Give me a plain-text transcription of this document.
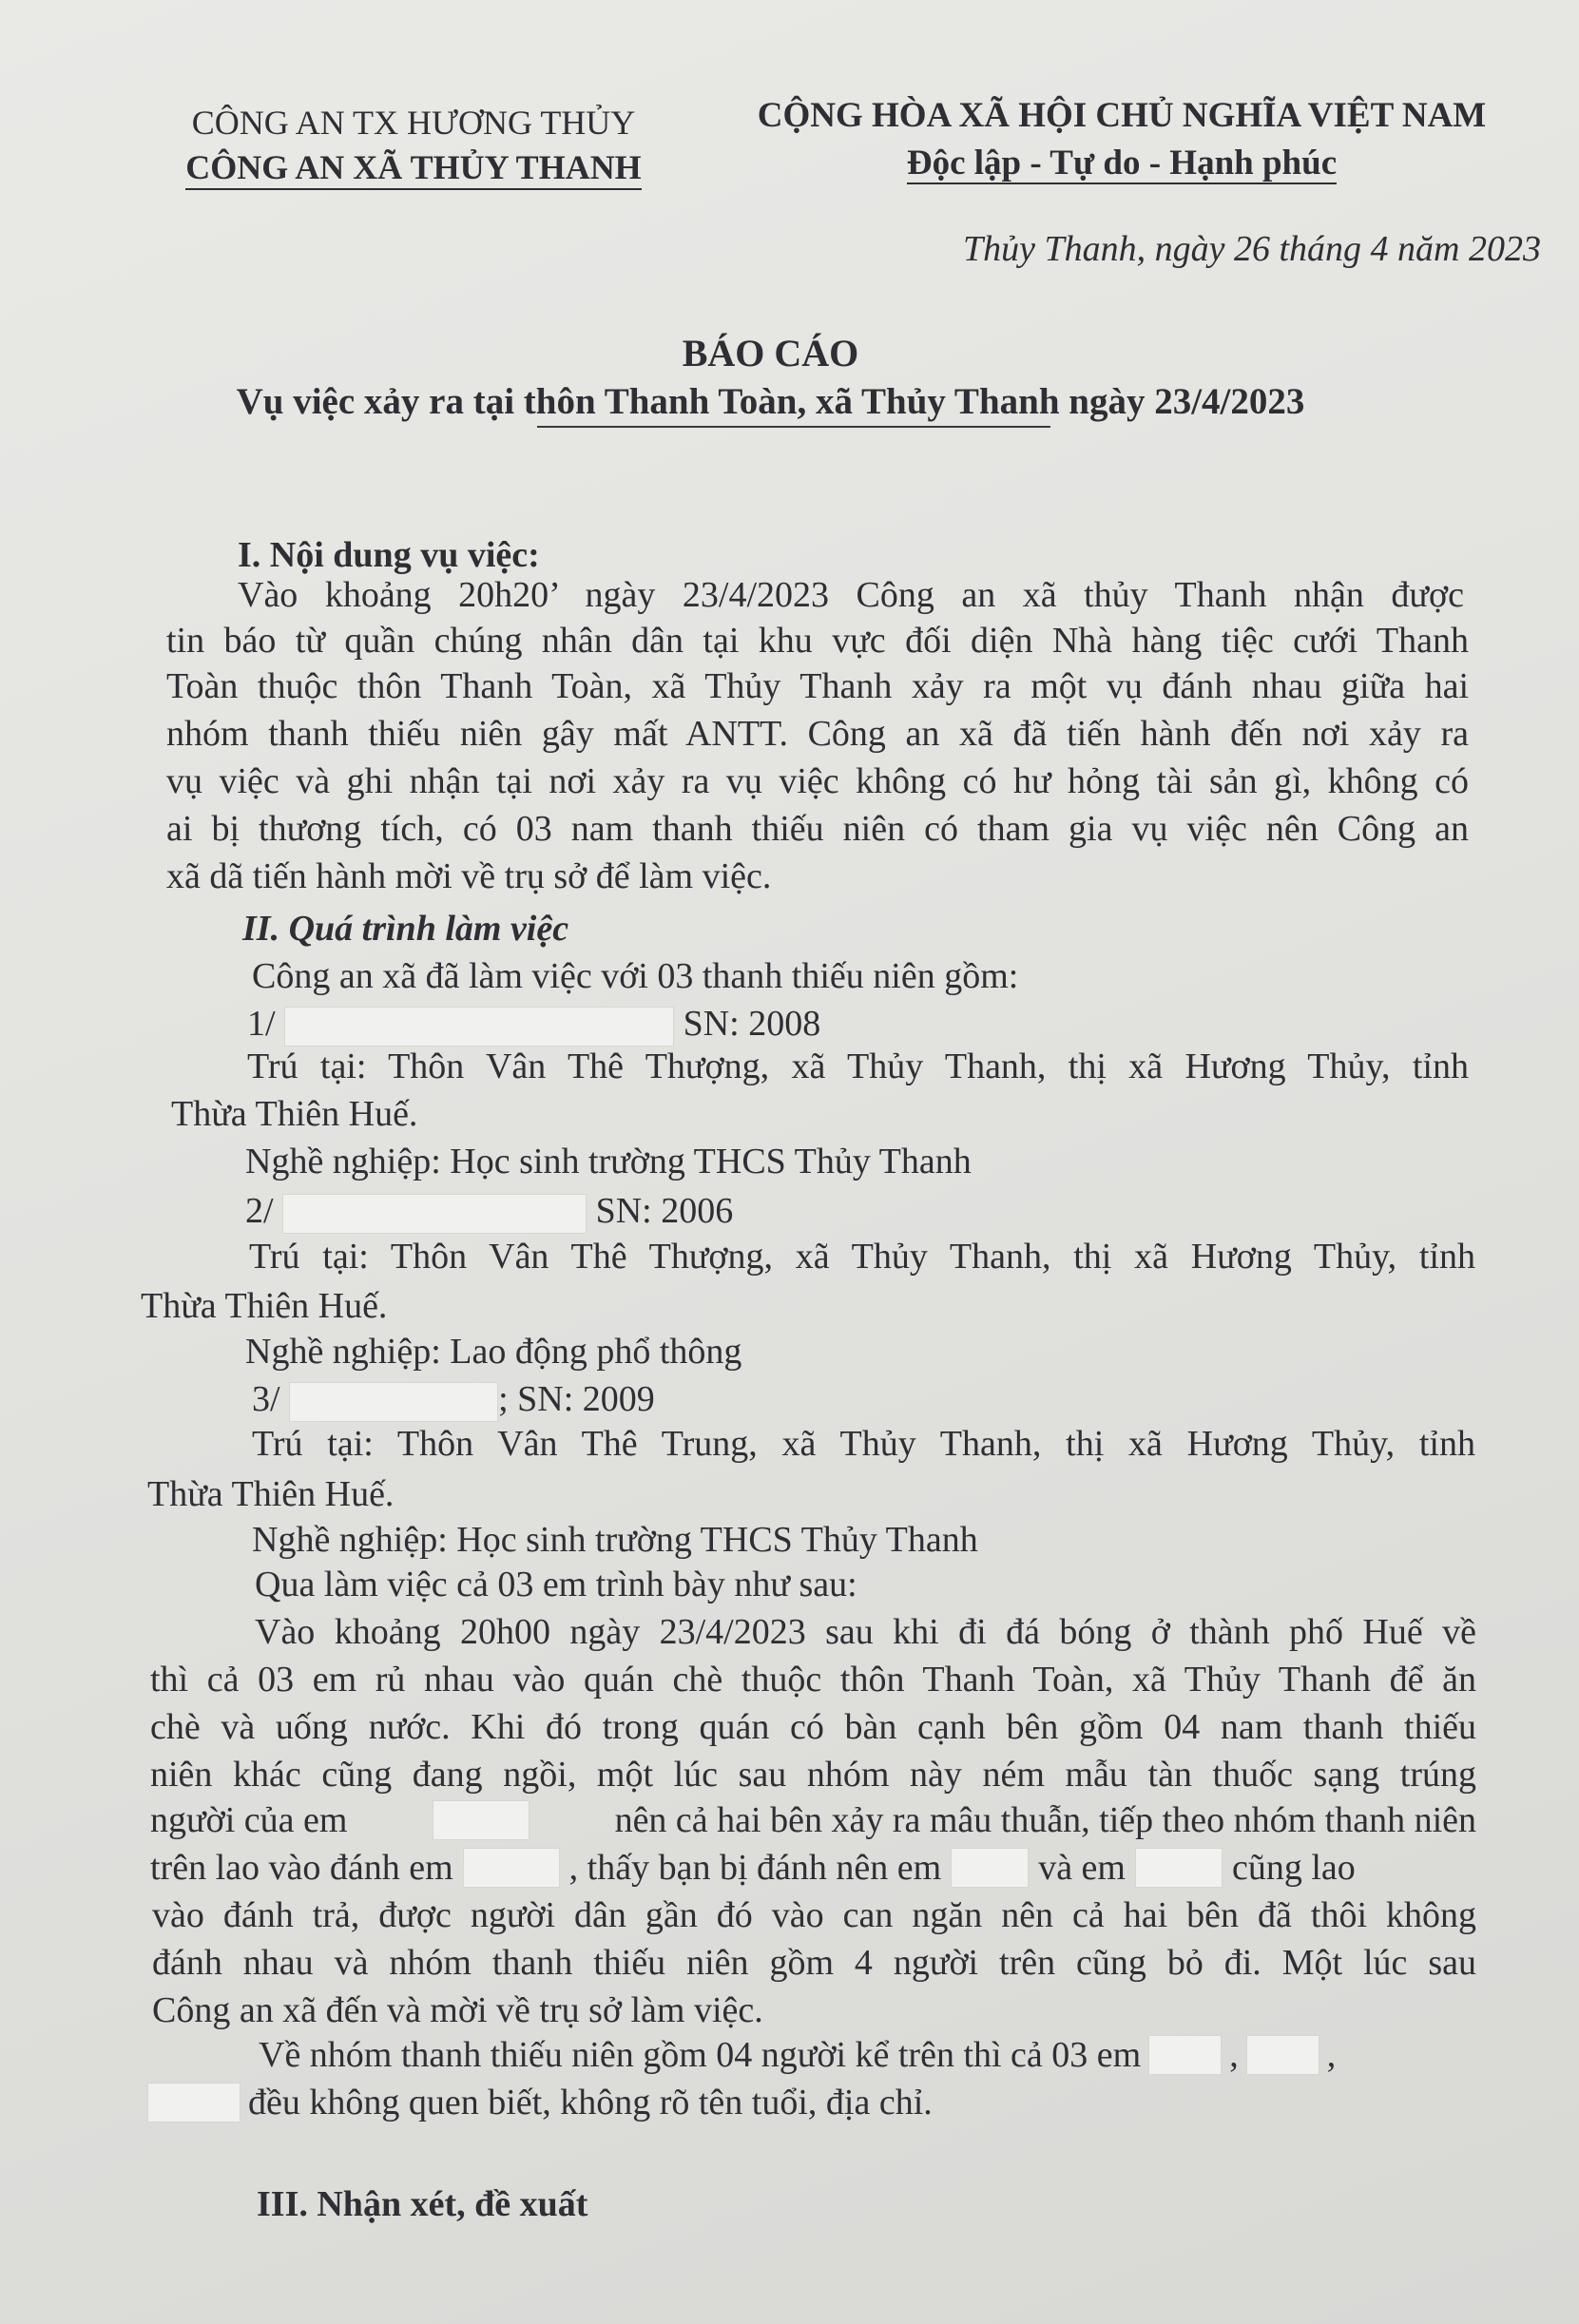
CÔNG AN TX HƯƠNG THỦY
CÔNG AN XÃ THỦY THANH
CỘNG HÒA XÃ HỘI CHỦ NGHĨA VIỆT NAM
Độc lập - Tự do - Hạnh phúc
Thủy Thanh, ngày 26 tháng 4 năm 2023
BÁO CÁO
Vụ việc xảy ra tại thôn Thanh Toàn, xã Thủy Thanh ngày 23/4/2023
I. Nội dung vụ việc:
Vào khoảng 20h20’ ngày 23/4/2023 Công an xã thủy Thanh nhận được
tin báo từ quần chúng nhân dân tại khu vực đối diện Nhà hàng tiệc cưới Thanh
Toàn thuộc thôn Thanh Toàn, xã Thủy Thanh xảy ra một vụ đánh nhau giữa hai
nhóm thanh thiếu niên gây mất ANTT. Công an xã đã tiến hành đến nơi xảy ra
vụ việc và ghi nhận tại nơi xảy ra vụ việc không có hư hỏng tài sản gì, không có
ai bị thương tích, có 03 nam thanh thiếu niên có tham gia vụ việc nên Công an
xã dã tiến hành mời về trụ sở để làm việc.
II. Quá trình làm việc
Công an xã đã làm việc với 03 thanh thiếu niên gồm:
1/	SN: 2008
Trú tại: Thôn Vân Thê Thượng, xã Thủy Thanh, thị xã Hương Thủy, tỉnh
Thừa Thiên Huế.
Nghề nghiệp: Học sinh trường THCS Thủy Thanh
2/	SN: 2006
Trú tại: Thôn Vân Thê Thượng, xã Thủy Thanh, thị xã Hương Thủy, tỉnh
Thừa Thiên Huế.
Nghề nghiệp: Lao động phổ thông
3/	; SN: 2009
Trú tại: Thôn Vân Thê Trung, xã Thủy Thanh, thị xã Hương Thủy, tỉnh
Thừa Thiên Huế.
Nghề nghiệp: Học sinh trường THCS Thủy Thanh
Qua làm việc cả 03 em trình bày như sau:
Vào khoảng 20h00 ngày 23/4/2023 sau khi đi đá bóng ở thành phố Huế về
thì cả 03 em rủ nhau vào quán chè thuộc thôn Thanh Toàn, xã Thủy Thanh để ăn
chè và uống nước. Khi đó trong quán có bàn cạnh bên gồm 04 nam thanh thiếu
niên khác cũng đang ngồi, một lúc sau nhóm này ném mẫu tàn thuốc sạng trúng
người của em	nên cả hai bên xảy ra mâu thuẫn, tiếp theo nhóm thanh niên
trên lao vào đánh em	, thấy bạn bị đánh nên em	và em	cũng lao
vào đánh trả, được người dân gần đó vào can ngăn nên cả hai bên đã thôi không
đánh nhau và nhóm thanh thiếu niên gồm 4 người trên cũng bỏ đi. Một lúc sau
Công an xã đến và mời về trụ sở làm việc.
Về nhóm thanh thiếu niên gồm 04 người kể trên thì cả 03 em , ,
đều không quen biết, không rõ tên tuổi, địa chỉ.
III. Nhận xét, đề xuất
